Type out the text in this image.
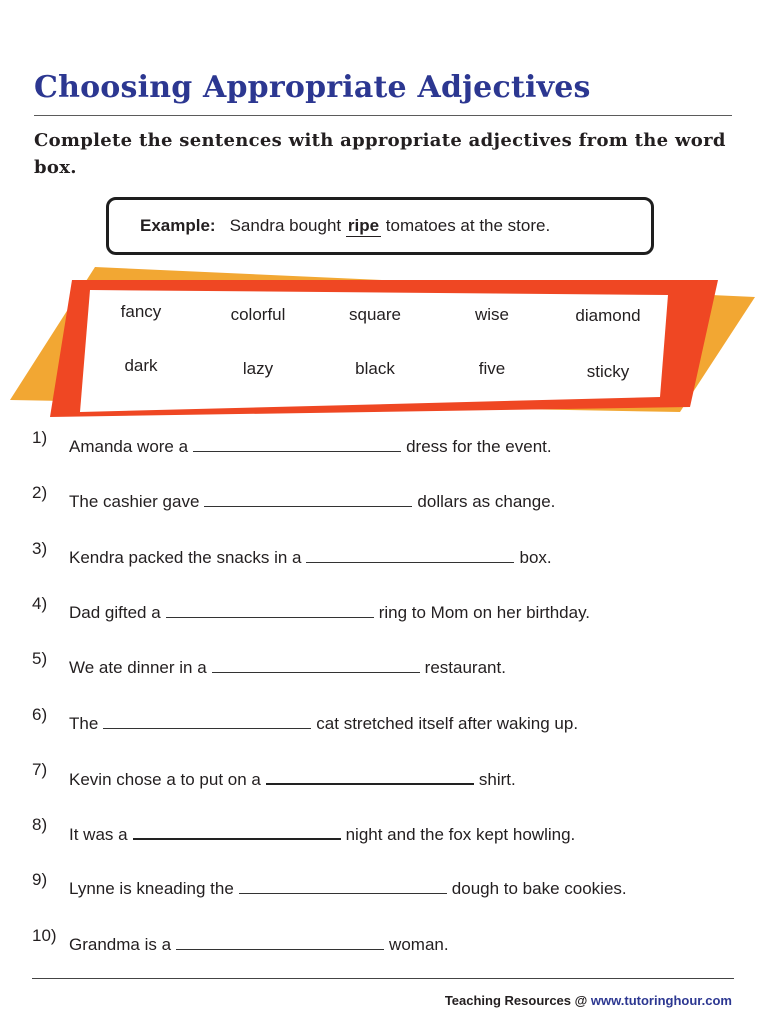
Choosing Appropriate Adjectives
Complete the sentences with appropriate adjectives from the word box.
Example: Sandra bought ripe tomatoes at the store.
fancy	colorful	square	wise	diamond
dark	lazy	black	five	sticky
1)	Amanda wore a	dress for the event.
2)	The cashier gave	dollars as change.
3)	Kendra packed the snacks in a	box.
4)	Dad gifted a	ring to Mom on her birthday.
5)	We ate dinner in a	restaurant.
6)	The	cat stretched itself after waking up.
7)
Kevin chose a to put on a	shirt.
8)
It was a	night and the fox kept howling.
9)	Lynne is kneading the	dough to bake cookies.
10) Grandma is a	woman.
Teaching Resources @ www.tutoringhour.com
